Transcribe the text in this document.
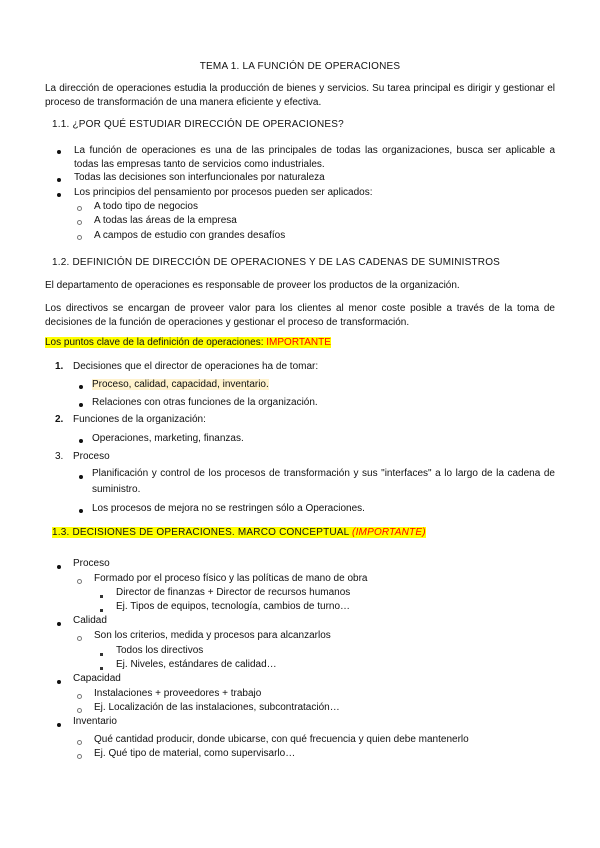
TEMA 1. LA FUNCIÓN DE OPERACIONES
La dirección de operaciones estudia la producción de bienes y servicios. Su tarea principal es dirigir y gestionar el proceso de transformación de una manera eficiente y efectiva.
1.1. ¿POR QUÉ ESTUDIAR DIRECCIÓN DE OPERACIONES?
La función de operaciones es una de las principales de todas las organizaciones, busca ser aplicable a todas las empresas tanto de servicios como industriales.
Todas las decisiones son interfuncionales por naturaleza
Los principios del pensamiento por procesos pueden ser aplicados:
A todo tipo de negocios
A todas las áreas de la empresa
A campos de estudio con grandes desafíos
1.2. DEFINICIÓN DE DIRECCIÓN DE OPERACIONES Y DE LAS CADENAS DE SUMINISTROS
El departamento de operaciones es responsable de proveer los productos de la organización.
Los directivos se encargan de proveer valor para los clientes al menor coste posible a través de la toma de decisiones de la función de operaciones y gestionar el proceso de transformación.
Los puntos clave de la definición de operaciones: IMPORTANTE
1. Decisiones que el director de operaciones ha de tomar:
Proceso, calidad, capacidad, inventario.
Relaciones con otras funciones de la organización.
2. Funciones de la organización:
Operaciones, marketing, finanzas.
3. Proceso
Planificación y control de los procesos de transformación y sus "interfaces" a lo largo de la cadena de suministro.
Los procesos de mejora no se restringen sólo a Operaciones.
1.3. DECISIONES DE OPERACIONES. MARCO CONCEPTUAL (IMPORTANTE)
Proceso
Formado por el proceso físico y las políticas de mano de obra
Director de finanzas + Director de recursos humanos
Ej. Tipos de equipos, tecnología, cambios de turno…
Calidad
Son los criterios, medida y procesos para alcanzarlos
Todos los directivos
Ej. Niveles, estándares de calidad…
Capacidad
Instalaciones + proveedores + trabajo
Ej. Localización de las instalaciones, subcontratación…
Inventario
Qué cantidad producir, donde ubicarse, con qué frecuencia y quien debe mantenerlo
Ej. Qué tipo de material, como supervisarlo…
